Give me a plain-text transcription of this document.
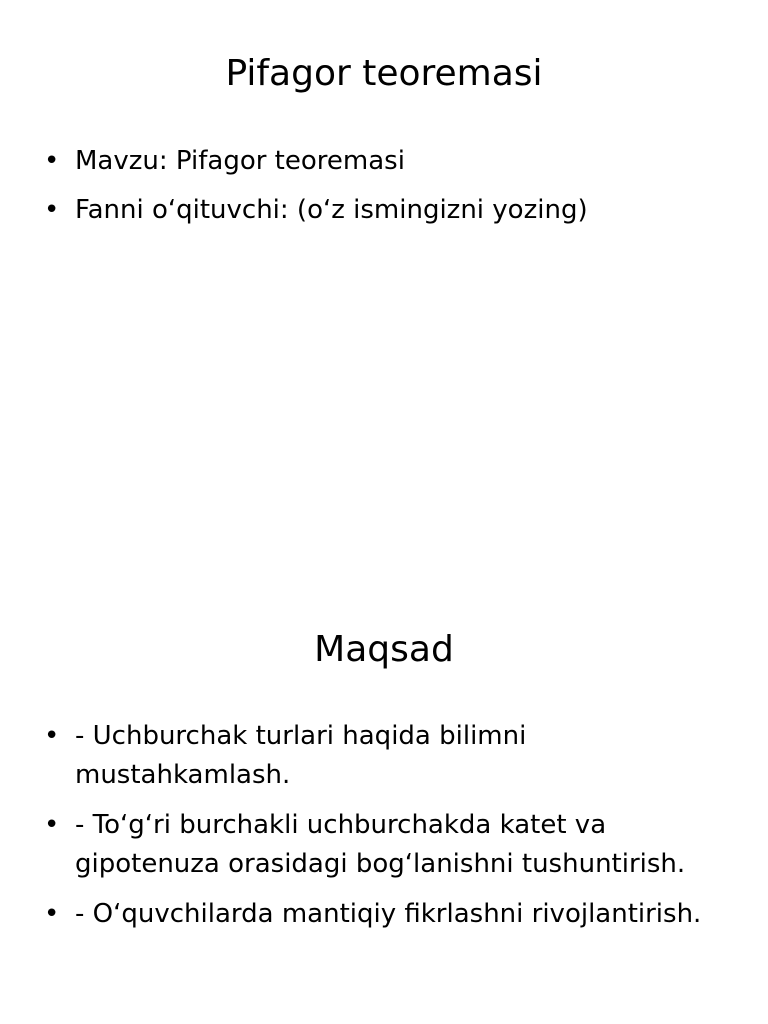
Pifagor teoremasi
• Mavzu: Pifagor teoremasi
• Fanni o‘qituvchi: (o‘z ismingizni yozing)
Maqsad
• - Uchburchak turlari haqida bilimni mustahkamlash.
• - To‘g‘ri burchakli uchburchakda katet va gipotenuza orasidagi bog‘lanishni tushuntirish.
• - O‘quvchilarda mantiqiy fikrlashni rivojlantirish.
